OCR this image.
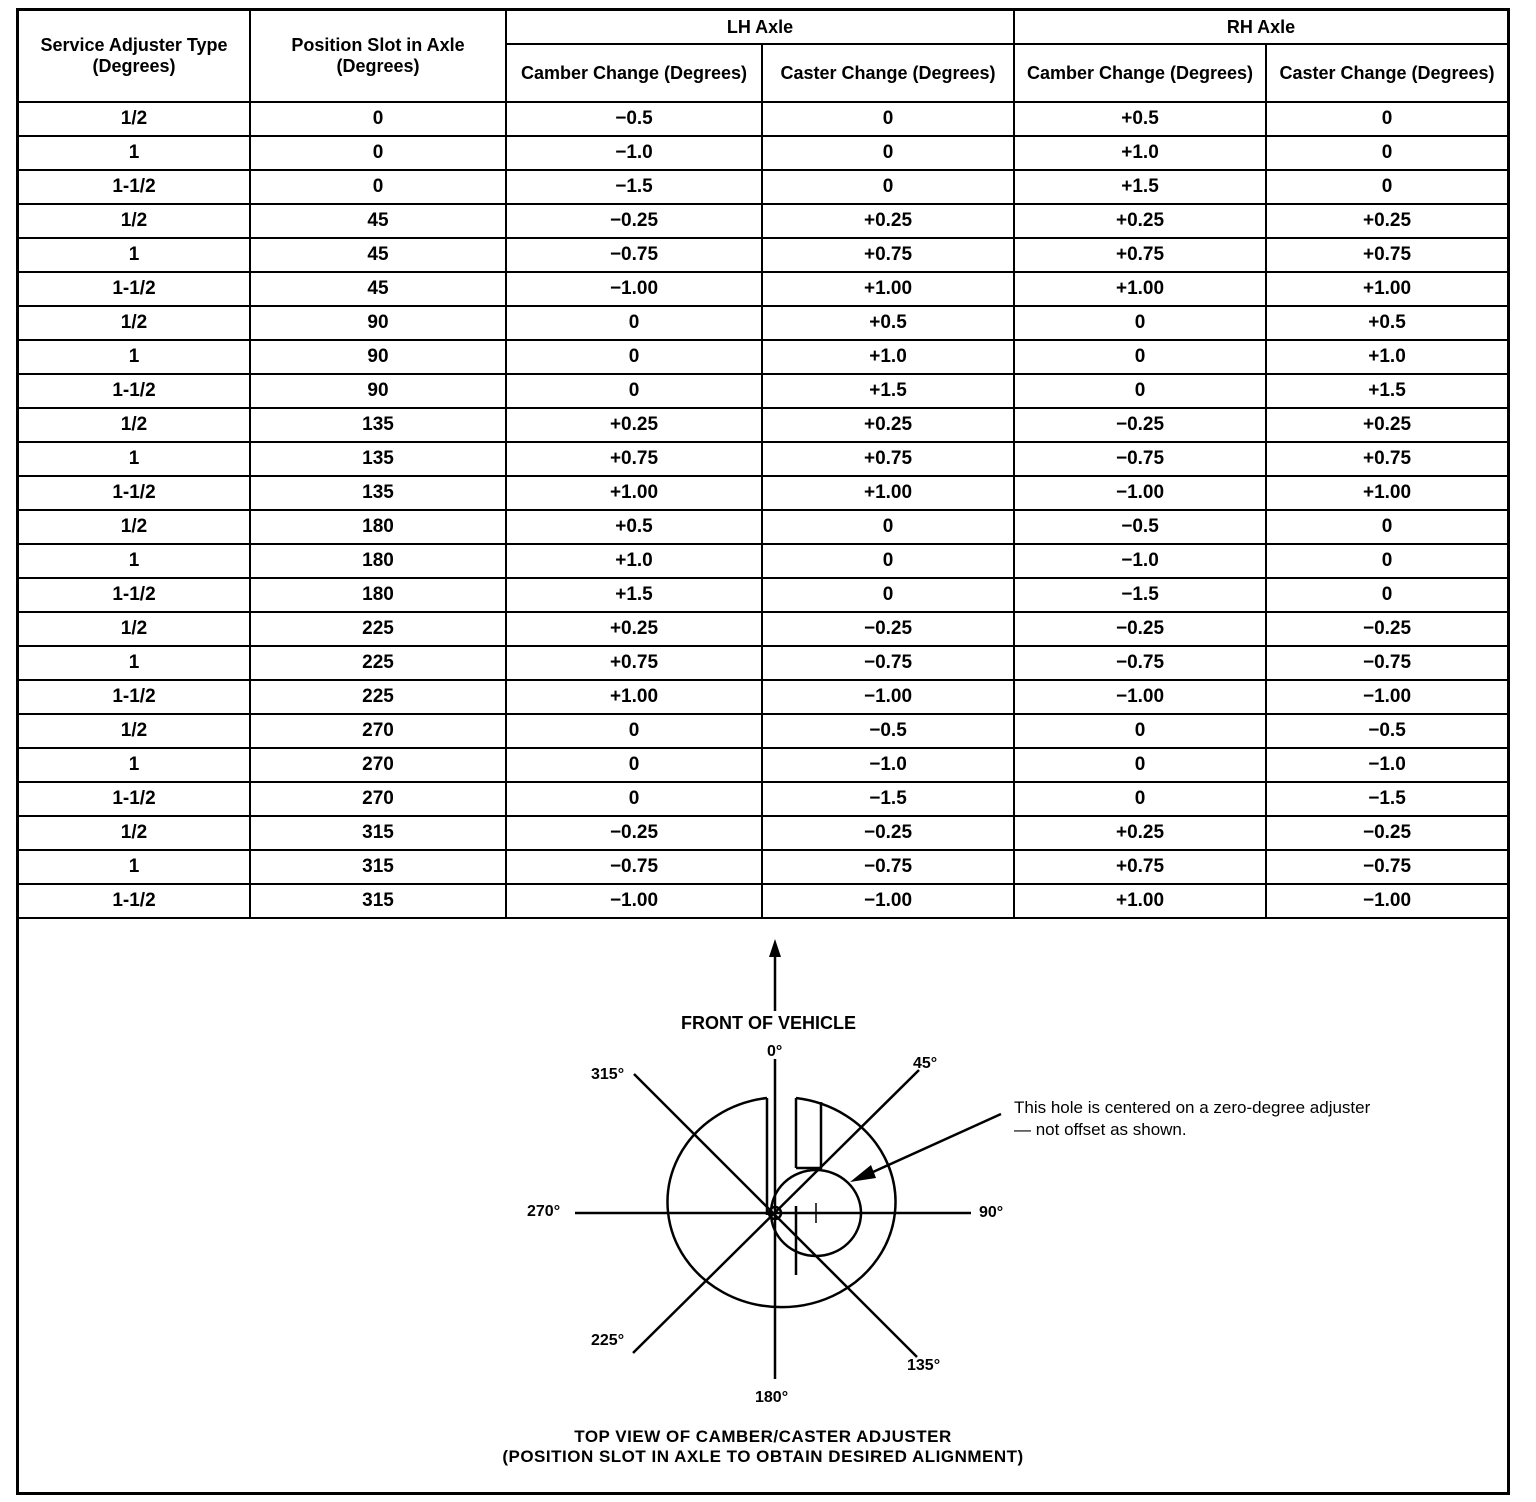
Service Adjuster Type (Degrees)	Position Slot in Axle (Degrees)	LH Axle		RH Axle	
		Camber Change (Degrees)	Caster Change (Degrees)	Camber Change (Degrees)	Caster Change (Degrees)
1/2	0	−0.5	0	+0.5	0
1	0	−1.0	0	+1.0	0
1-1/2	0	−1.5	0	+1.5	0
1/2	45	−0.25	+0.25	+0.25	+0.25
1	45	−0.75	+0.75	+0.75	+0.75
1-1/2	45	−1.00	+1.00	+1.00	+1.00
1/2	90	0	+0.5	0	+0.5
1	90	0	+1.0	0	+1.0
1-1/2	90	0	+1.5	0	+1.5
1/2	135	+0.25	+0.25	−0.25	+0.25
1	135	+0.75	+0.75	−0.75	+0.75
1-1/2	135	+1.00	+1.00	−1.00	+1.00
1/2	180	+0.5	0	−0.5	0
1	180	+1.0	0	−1.0	0
1-1/2	180	+1.5	0	−1.5	0
1/2	225	+0.25	−0.25	−0.25	−0.25
1	225	+0.75	−0.75	−0.75	−0.75
1-1/2	225	+1.00	−1.00	−1.00	−1.00
1/2	270	0	−0.5	0	−0.5
1	270	0	−1.0	0	−1.0
1-1/2	270	0	−1.5	0	−1.5
1/2	315	−0.25	−0.25	+0.25	−0.25
1	315	−0.75	−0.75	+0.75	−0.75
1-1/2	315	−1.00	−1.00	+1.00	−1.00
FRONT OF VEHICLE
0°
45°
90°
135°
180°
225°
270°
315°
This hole is centered on a zero-degree adjuster
— not offset as shown.
TOP VIEW OF CAMBER/CASTER ADJUSTER
(POSITION SLOT IN AXLE TO OBTAIN DESIRED ALIGNMENT)
